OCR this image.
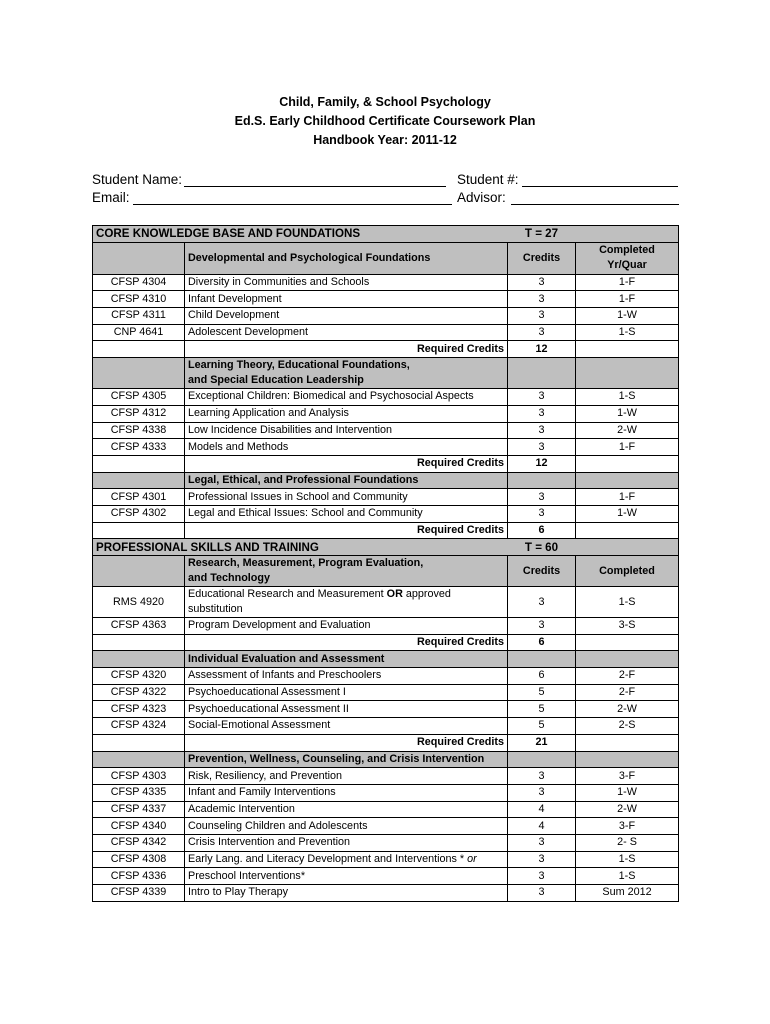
Child, Family, & School Psychology
Ed.S. Early Childhood Certificate Coursework Plan
Handbook Year: 2011-12
Student Name:	Student #:
Email:	Advisor:
CORE KNOWLEDGE BASE AND FOUNDATIONS		T = 27	
	Developmental and Psychological Foundations	Credits	Completed Yr/Quar
CFSP 4304	Diversity in Communities and Schools	3	1-F
CFSP 4310	Infant Development	3	1-F
CFSP 4311	Child Development	3	1-W
CNP 4641	Adolescent Development	3	1-S
	Required Credits	12	
	Learning Theory, Educational Foundations,
and Special Education Leadership		
CFSP 4305	Exceptional Children: Biomedical and Psychosocial Aspects	3	1-S
CFSP 4312	Learning Application and Analysis	3	1-W
CFSP 4338	Low Incidence Disabilities and Intervention	3	2-W
CFSP 4333	Models and Methods	3	1-F
	Required Credits	12	
	Legal, Ethical, and Professional Foundations		
CFSP 4301	Professional Issues in School and Community	3	1-F
CFSP 4302	Legal and Ethical Issues: School and Community	3	1-W
	Required Credits	6	
PROFESSIONAL SKILLS AND TRAINING		T = 60	
	Research, Measurement, Program Evaluation,
and Technology	Credits	Completed
RMS 4920	Educational Research and Measurement OR approved
substitution	3	1-S
CFSP 4363	Program Development and Evaluation	3	3-S
	Required Credits	6	
	Individual Evaluation and Assessment		
CFSP 4320	Assessment of Infants and Preschoolers	6	2-F
CFSP 4322	Psychoeducational Assessment I	5	2-F
CFSP 4323	Psychoeducational Assessment II	5	2-W
CFSP 4324	Social-Emotional Assessment	5	2-S
	Required Credits	21	
	Prevention, Wellness, Counseling, and Crisis Intervention		
CFSP 4303	Risk, Resiliency, and Prevention	3	3-F
CFSP 4335	Infant and Family Interventions	3	1-W
CFSP 4337	Academic Intervention	4	2-W
CFSP 4340	Counseling Children and Adolescents	4	3-F
CFSP 4342	Crisis Intervention and Prevention	3	2- S
CFSP 4308	Early Lang. and Literacy Development and Interventions * or	3	1-S
CFSP 4336	Preschool Interventions*	3	1-S
CFSP 4339	Intro to Play Therapy	3	Sum 2012
